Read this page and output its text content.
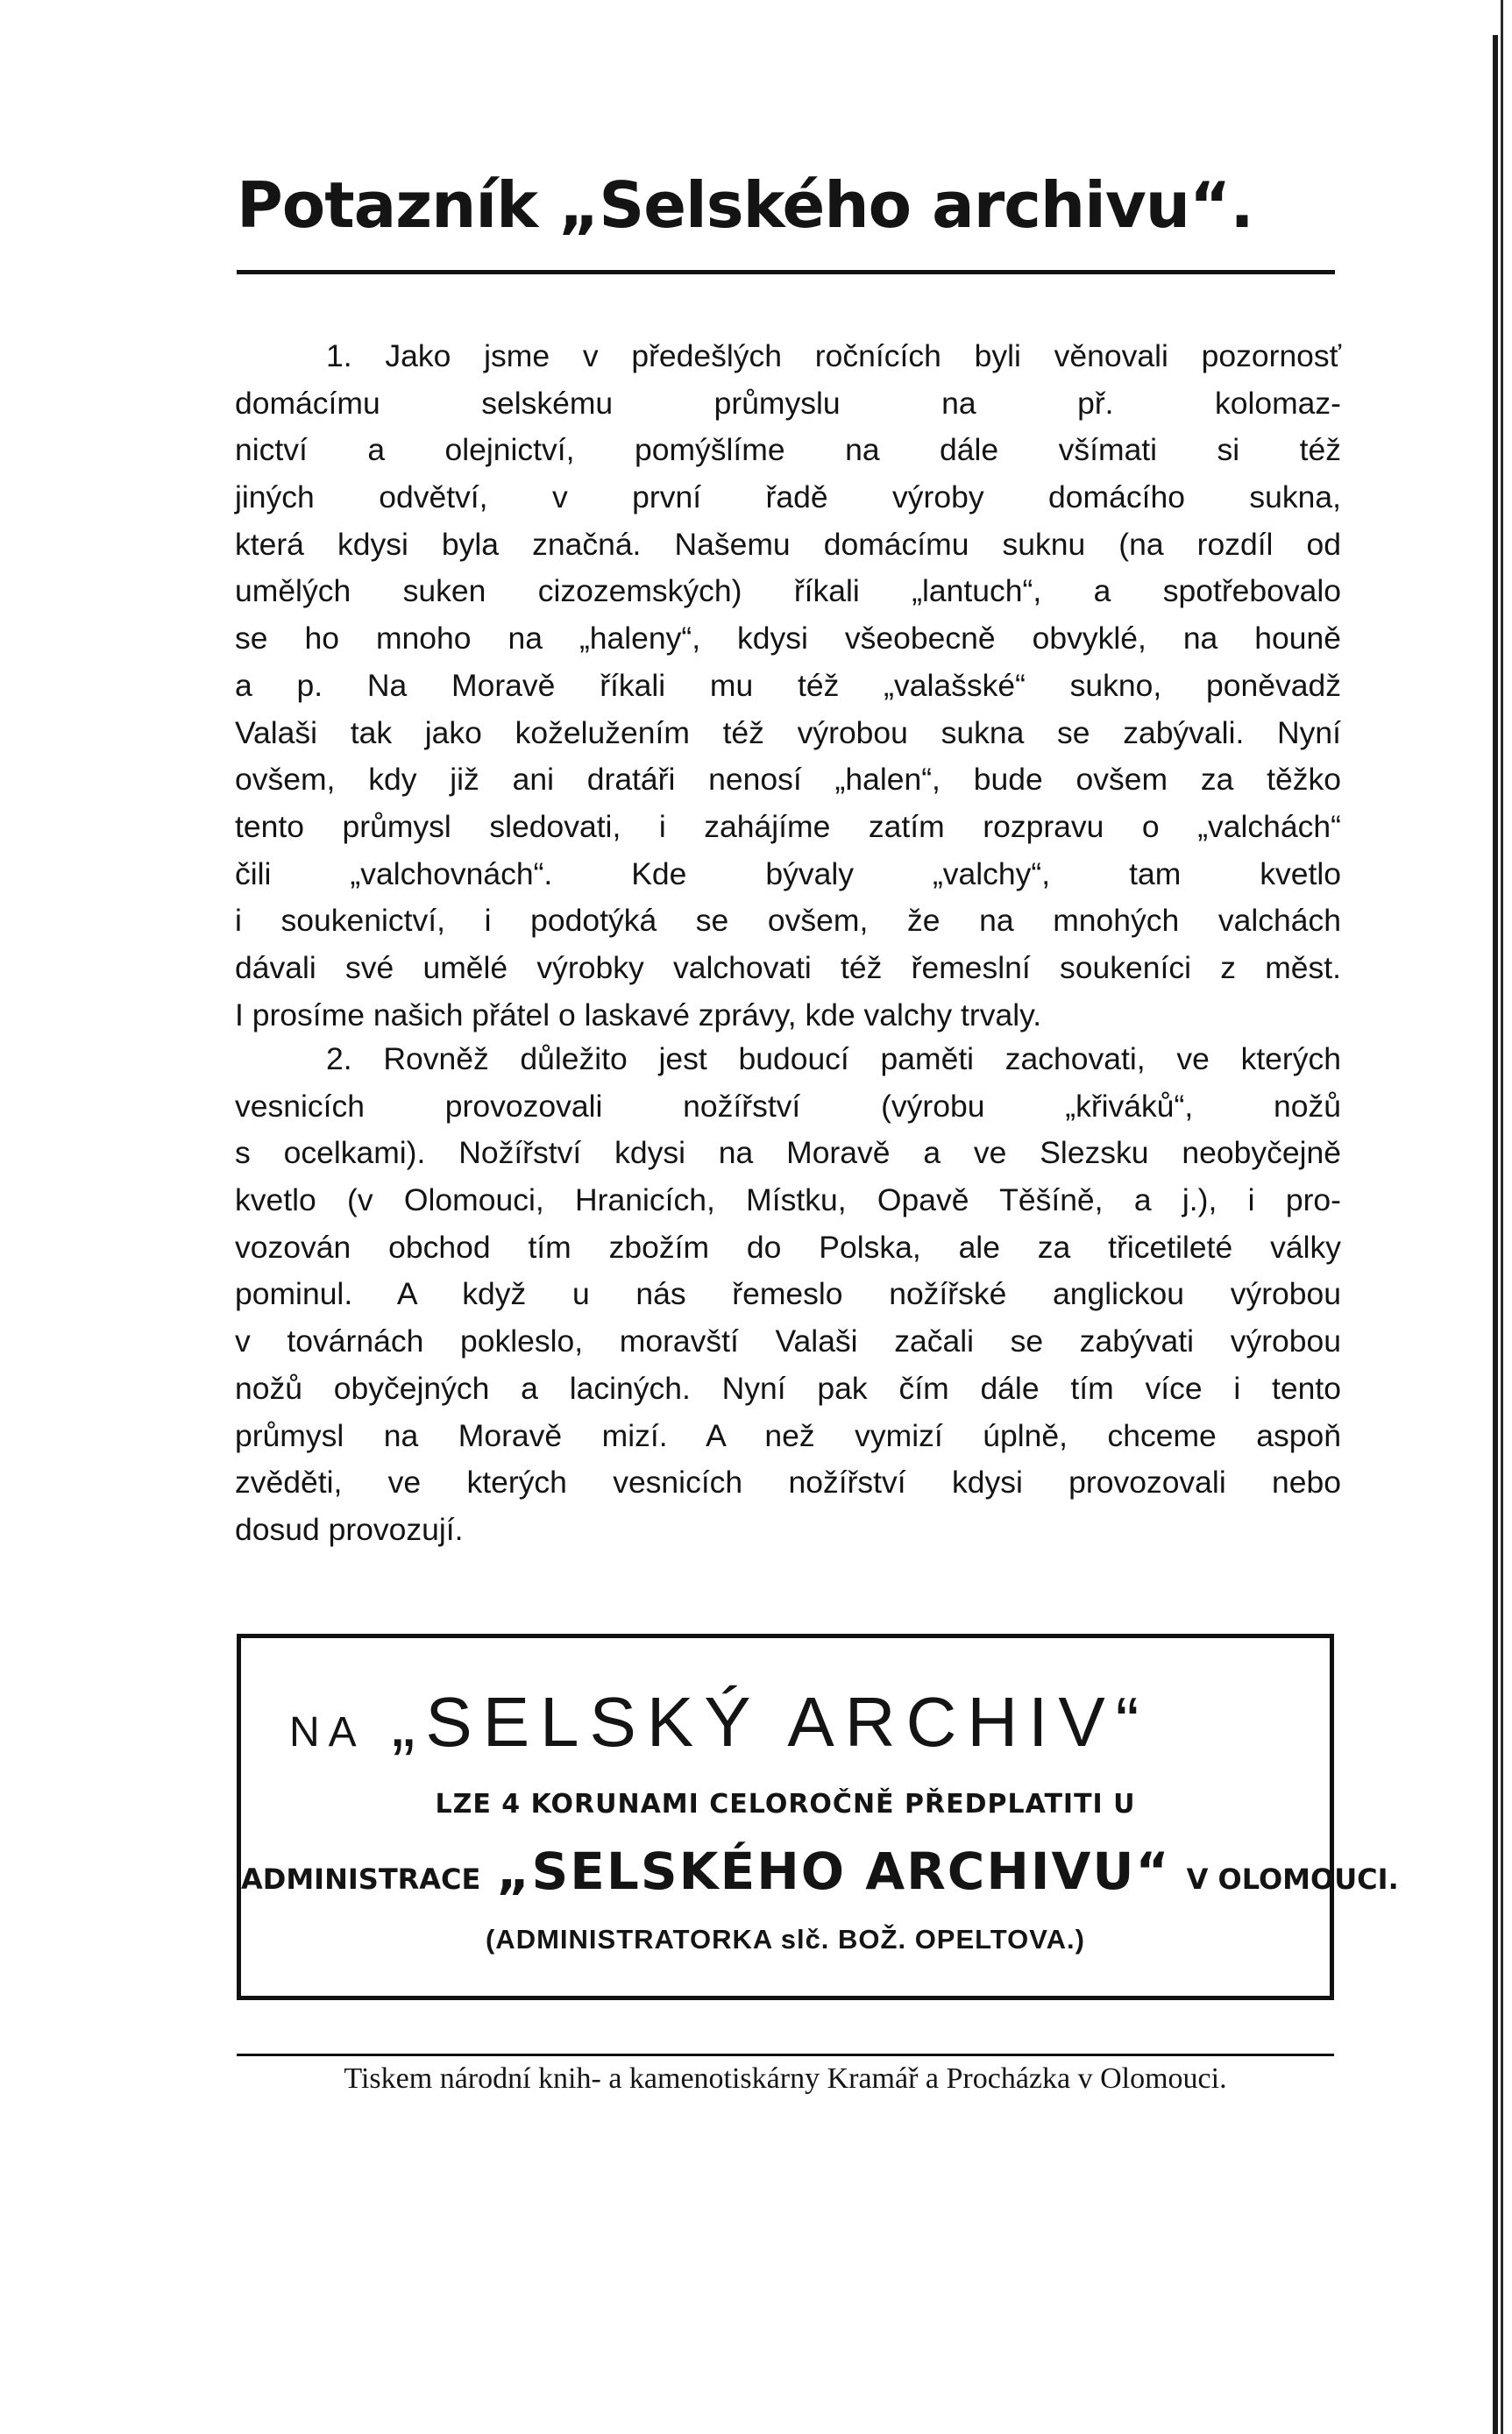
Potazník „Selského archivu“.
1. Jako jsme v předešlých ročnících byli věnovali pozornosť
domácímu selskému průmyslu na př. kolomaz-
nictví a olejnictví, pomýšlíme na dále všímati si též
jiných odvětví, v první řadě výroby domácího sukna,
která kdysi byla značná. Našemu domácímu suknu (na rozdíl od
umělých suken cizozemských) říkali „lantuch“, a spotřebovalo
se ho mnoho na „haleny“, kdysi všeobecně obvyklé, na houně
a p. Na Moravě říkali mu též „valašské“ sukno, poněvadž
Valaši tak jako koželužením též výrobou sukna se zabývali. Nyní
ovšem, kdy již ani dratáři nenosí „halen“, bude ovšem za těžko
tento průmysl sledovati, i zahájíme zatím rozpravu o „valchách“
čili „valchovnách“. Kde bývaly „valchy“, tam kvetlo
i soukenictví, i podotýká se ovšem, že na mnohých valchách
dávali své umělé výrobky valchovati též řemeslní soukeníci z měst.
I prosíme našich přátel o laskavé zprávy, kde valchy trvaly.
2. Rovněž důležito jest budoucí paměti zachovati, ve kterých
vesnicích provozovali nožířství (výrobu „křiváků“, nožů
s ocelkami). Nožířství kdysi na Moravě a ve Slezsku neobyčejně
kvetlo (v Olomouci, Hranicích, Místku, Opavě Těšíně, a j.), i pro-
vozován obchod tím zbožím do Polska, ale za třicetileté války
pominul. A když u nás řemeslo nožířské anglickou výrobou
v továrnách pokleslo, moravští Valaši začali se zabývati výrobou
nožů obyčejných a laciných. Nyní pak čím dále tím více i tento
průmysl na Moravě mizí. A než vymizí úplně, chceme aspoň
zvěděti, ve kterých vesnicích nožířství kdysi provozovali nebo
dosud provozují.
NA „SELSKÝ ARCHIV“
LZE 4 KORUNAMI CELOROČNĚ PŘEDPLATITI U
ADMINISTRACE „SELSKÉHO ARCHIVU“ V OLOMOUCI.
(ADMINISTRATORKA slč. BOŽ. OPELTOVA.)
Tiskem národní knih- a kamenotiskárny Kramář a Procházka v Olomouci.
